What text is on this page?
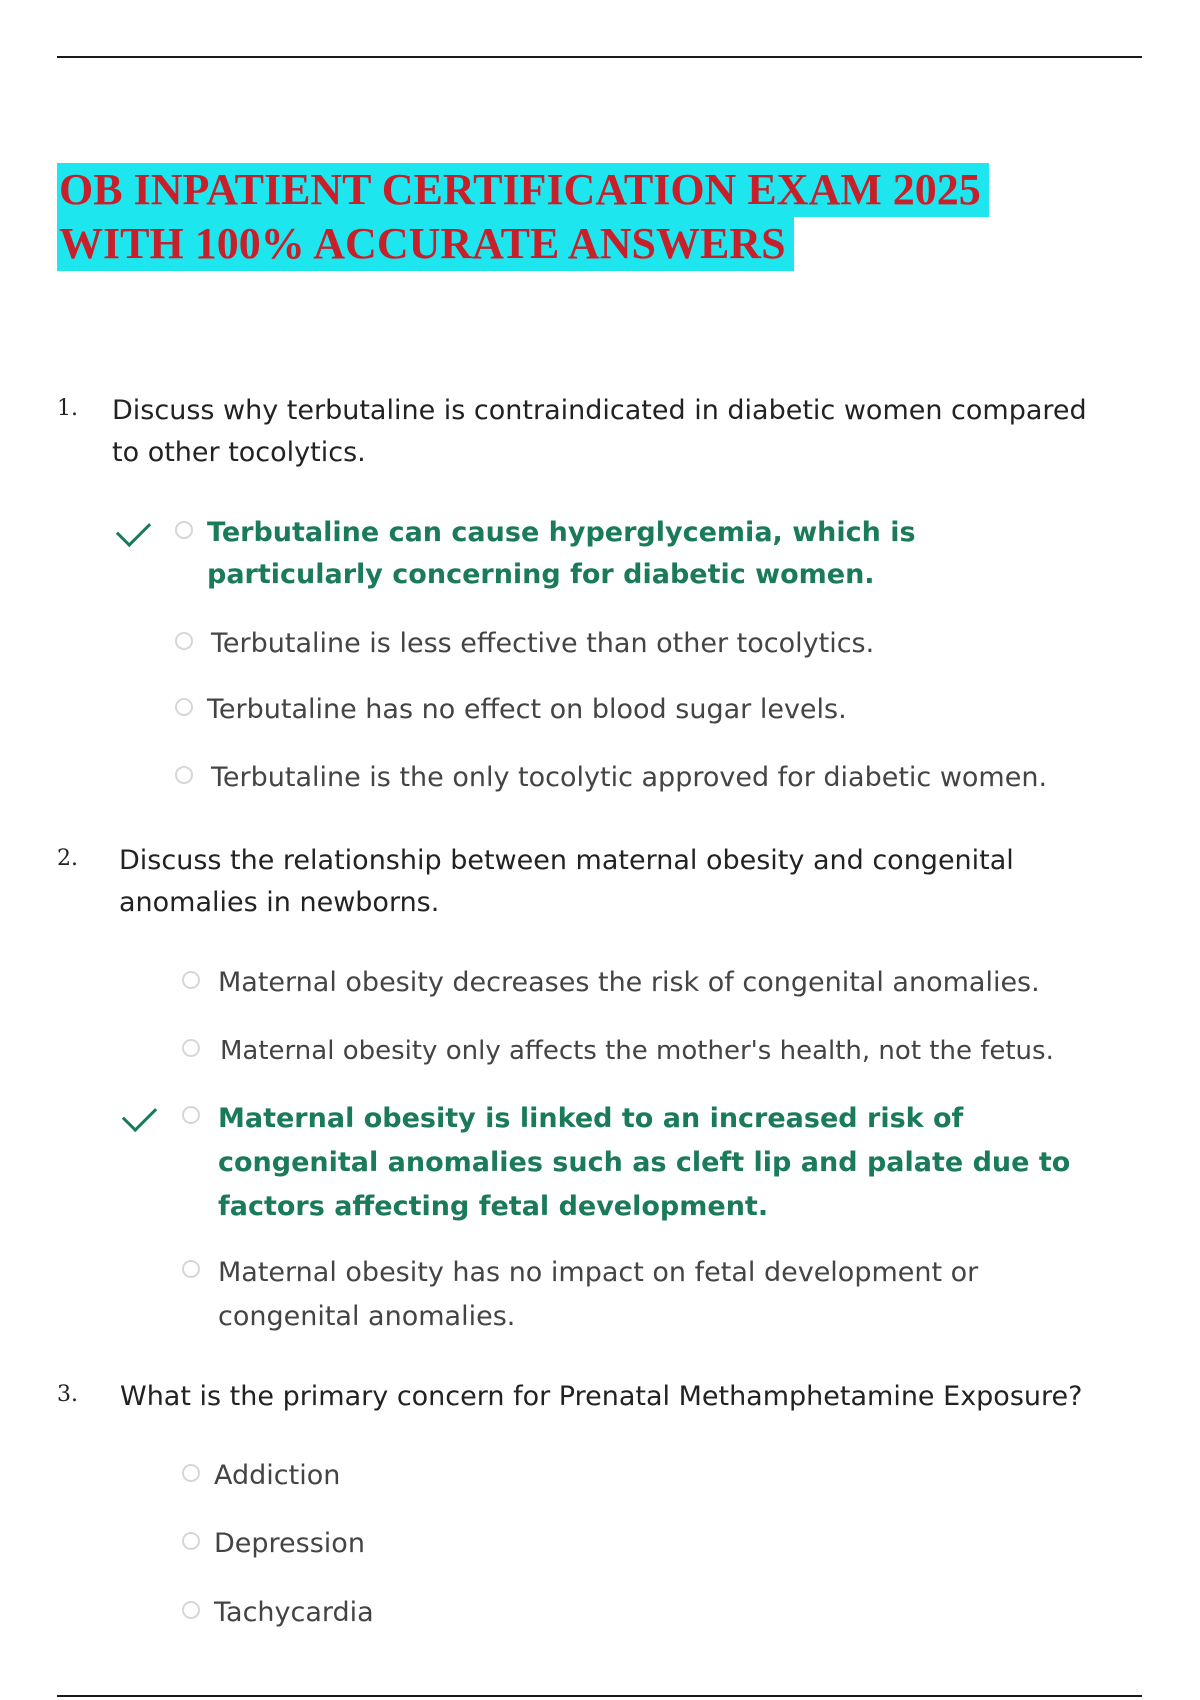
OB INPATIENT CERTIFICATION EXAM 2025
WITH 100% ACCURATE ANSWERS
1. Discuss why terbutaline is contraindicated in diabetic women compared to other tocolytics.
Terbutaline can cause hyperglycemia, which is particularly concerning for diabetic women.
Terbutaline is less effective than other tocolytics.
Terbutaline has no effect on blood sugar levels.
Terbutaline is the only tocolytic approved for diabetic women.
2. Discuss the relationship between maternal obesity and congenital anomalies in newborns.
Maternal obesity decreases the risk of congenital anomalies.
Maternal obesity only affects the mother's health, not the fetus.
Maternal obesity is linked to an increased risk of congenital anomalies such as cleft lip and palate due to factors affecting fetal development.
Maternal obesity has no impact on fetal development or congenital anomalies.
3. What is the primary concern for Prenatal Methamphetamine Exposure?
Addiction
Depression
Tachycardia
